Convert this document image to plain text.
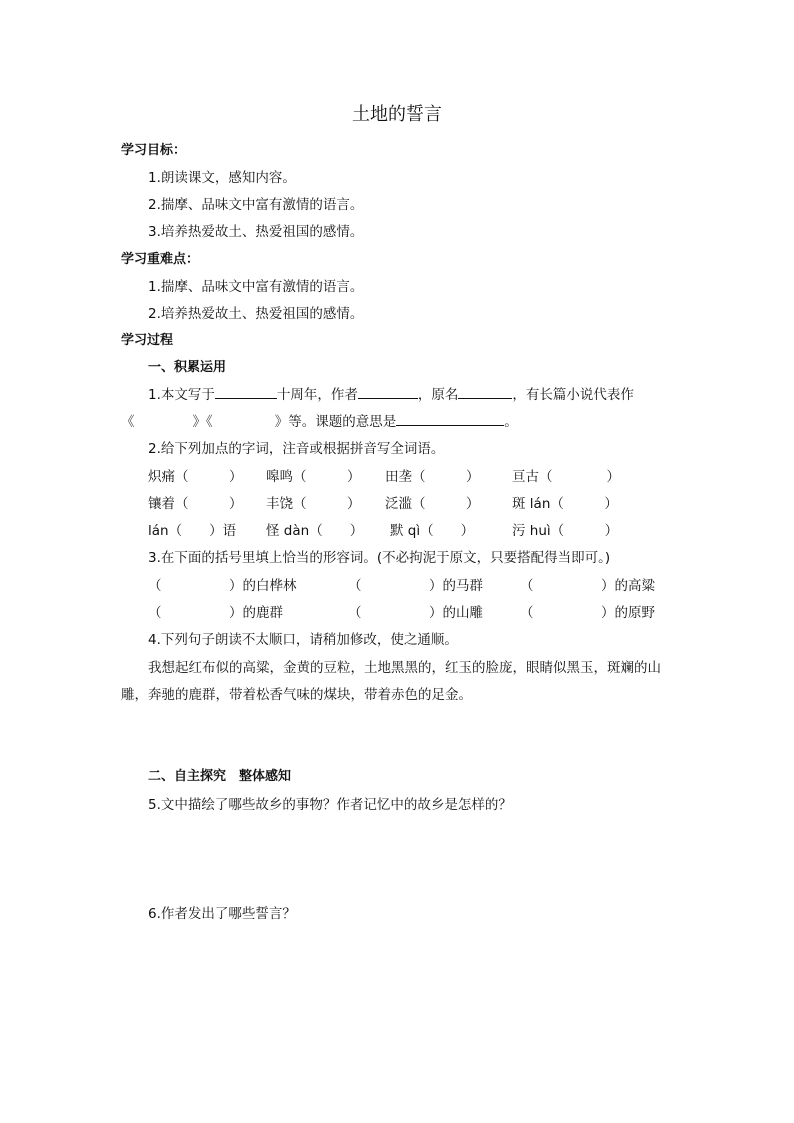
土地的誓言
学习目标：
1.朗读课文，感知内容。
2.揣摩、品味文中富有激情的语言。
3.培养热爱故土、热爱祖国的感情。
学习重难点：
1.揣摩、品味文中富有激情的语言。
2.培养热爱故土、热爱祖国的感情。
学习过程
一、积累运用
1.本文写于	十周年，作者	，原名	，有长篇小说代表作
《	》《	》等。课题的意思是	。
2.给下列加点的字词，注音或根据拼音写全词语。
炽痛（　　　） 嗥鸣（　　　） 田垄（　　　） 亘古（　　　　）
镶着（　　　） 丰饶（　　　） 泛滥（　　　） 斑 lán（　　　）
lán（　　）语 怪 dàn（　　） 默 qì（　　）	污 huì（　　　）
3.在下面的括号里填上恰当的形容词。(不必拘泥于原文，只要搭配得当即可。)
（　　　　　）的白桦林	（　　　　　）的马群	（　　　　　）的高粱
（　　　　　）的鹿群	（　　　　　）的山雕	（　　　　　）的原野
4.下列句子朗读不太顺口，请稍加修改，使之通顺。
我想起红布似的高粱，金黄的豆粒，土地黑黑的，红玉的脸庞，眼睛似黑玉，斑斓的山
雕，奔驰的鹿群，带着松香气味的煤块，带着赤色的足金。
二、自主探究　整体感知
5.文中描绘了哪些故乡的事物？作者记忆中的故乡是怎样的？
6.作者发出了哪些誓言？
